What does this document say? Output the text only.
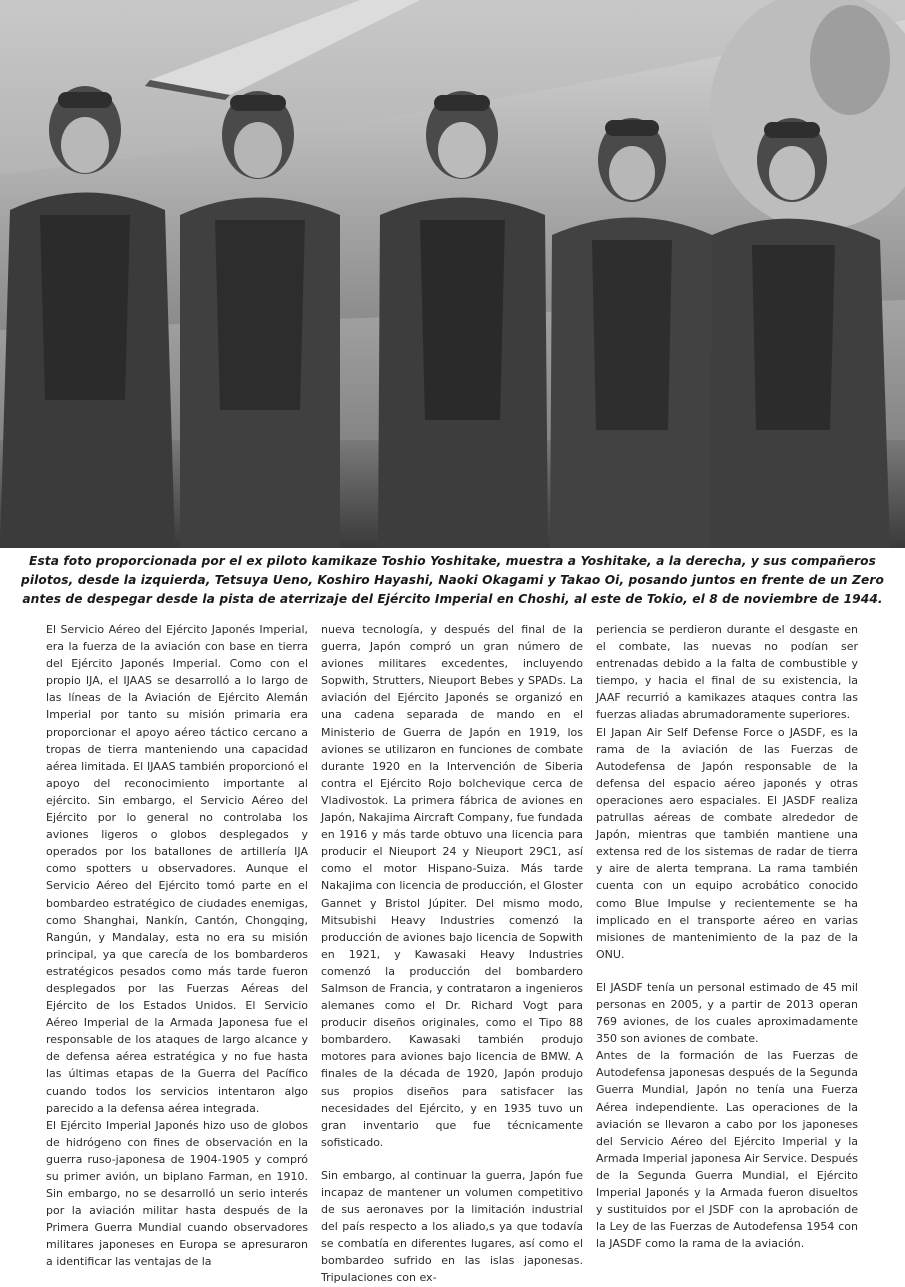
Esta foto proporcionada por el ex piloto kamikaze Toshio Yoshitake, muestra a Yoshitake, a la derecha, y sus compañeros pilotos, desde la izquierda, Tetsuya Ueno, Koshiro Hayashi, Naoki Okagami y Takao Oi, posando juntos en frente de un Zero antes de despegar desde la pista de aterrizaje del Ejército Imperial en Choshi, al este de Tokio, el 8 de noviembre de 1944.

El Servicio Aéreo del Ejército Japonés Imperial, era la fuerza de la aviación con base en tierra del Ejército Japonés Imperial. Como con el propio IJA, el IJAAS se desarrolló a lo largo de las líneas de la Aviación de Ejército Alemán Imperial por tanto su misión primaria era proporcionar el apoyo aéreo táctico cercano a tropas de tierra manteniendo una capacidad aérea limitada. El IJAAS también proporcionó el apoyo del reconocimiento importante al ejército. Sin embargo, el Servicio Aéreo del Ejército por lo general no controlaba los aviones ligeros o globos desplegados y operados por los batallones de artillería IJA como spotters u observadores. Aunque el Servicio Aéreo del Ejército tomó parte en el bombardeo estratégico de ciudades enemigas, como Shanghai, Nankín, Cantón, Chongqing, Rangún, y Mandalay, esta no era su misión principal, ya que carecía de los bombarderos estratégicos pesados como más tarde fueron desplegados por las Fuerzas Aéreas del Ejército de los Estados Unidos. El Servicio Aéreo Imperial de la Armada Japonesa fue el responsable de los ataques de largo alcance y de defensa aérea estratégica y no fue hasta las últimas etapas de la Guerra del Pacífico cuando todos los servicios intentaron algo parecido a la defensa aérea integrada.

El Ejército Imperial Japonés hizo uso de globos de hidrógeno con fines de observación en la guerra ruso-japonesa de 1904-1905 y compró su primer avión, un biplano Farman, en 1910. Sin embargo, no se desarrolló un serio interés por la aviación militar hasta después de la Primera Guerra Mundial cuando observadores militares japoneses en Europa se apresuraron a identificar las ventajas de la

nueva tecnología, y después del final de la guerra, Japón compró un gran número de aviones militares excedentes, incluyendo Sopwith, Strutters, Nieuport Bebes y SPADs. La aviación del Ejército Japonés se organizó en una cadena separada de mando en el Ministerio de Guerra de Japón en 1919, los aviones se utilizaron en funciones de combate durante 1920 en la Intervención de Siberia contra el Ejército Rojo bolchevique cerca de Vladivostok. La primera fábrica de aviones en Japón, Nakajima Aircraft Company, fue fundada en 1916 y más tarde obtuvo una licencia para producir el Nieuport 24 y Nieuport 29C1, así como el motor Hispano-Suiza. Más tarde Nakajima con licencia de producción, el Gloster Gannet y Bristol Júpiter. Del mismo modo, Mitsubishi Heavy Industries comenzó la producción de aviones bajo licencia de Sopwith en 1921, y Kawasaki Heavy Industries comenzó la producción del bombardero Salmson de Francia, y contrataron a ingenieros alemanes como el Dr. Richard Vogt para producir diseños originales, como el Tipo 88 bombardero. Kawasaki también produjo motores para aviones bajo licencia de BMW. A finales de la década de 1920, Japón produjo sus propios diseños para satisfacer las necesidades del Ejército, y en 1935 tuvo un gran inventario que fue técnicamente sofisticado.

Sin embargo, al continuar la guerra, Japón fue incapaz de mantener un volumen competitivo de sus aeronaves por la limitación industrial del país respecto a los aliado,s ya que todavía se combatía en diferentes lugares, así como el bombardeo sufrido en las islas japonesas. Tripulaciones con ex-

periencia se perdieron durante el desgaste en el combate, las nuevas no podían ser entrenadas debido a la falta de combustible y tiempo, y hacia el final de su existencia, la JAAF recurrió a kamikazes ataques contra las fuerzas aliadas abrumadoramente superiores.

El Japan Air Self Defense Force o JASDF, es la rama de la aviación de las Fuerzas de Autodefensa de Japón responsable de la defensa del espacio aéreo japonés y otras operaciones aero espaciales. El JASDF realiza patrullas aéreas de combate alrededor de Japón, mientras que también mantiene una extensa red de los sistemas de radar de tierra y aire de alerta temprana. La rama también cuenta con un equipo acrobático conocido como Blue Impulse y recientemente se ha implicado en el transporte aéreo en varias misiones de mantenimiento de la paz de la ONU.

El JASDF tenía un personal estimado de 45 mil personas en 2005, y a partir de 2013 operan 769 aviones, de los cuales aproximadamente 350 son aviones de combate.

Antes de la formación de las Fuerzas de Autodefensa japonesas después de la Segunda Guerra Mundial, Japón no tenía una Fuerza Aérea independiente. Las operaciones de la aviación se llevaron a cabo por los japoneses del Servicio Aéreo del Ejército Imperial y la Armada Imperial japonesa Air Service. Después de la Segunda Guerra Mundial, el Ejército Imperial Japonés y la Armada fueron disueltos y sustituidos por el JSDF con la aprobación de la Ley de las Fuerzas de Autodefensa 1954 con la JASDF como la rama de la aviación.
